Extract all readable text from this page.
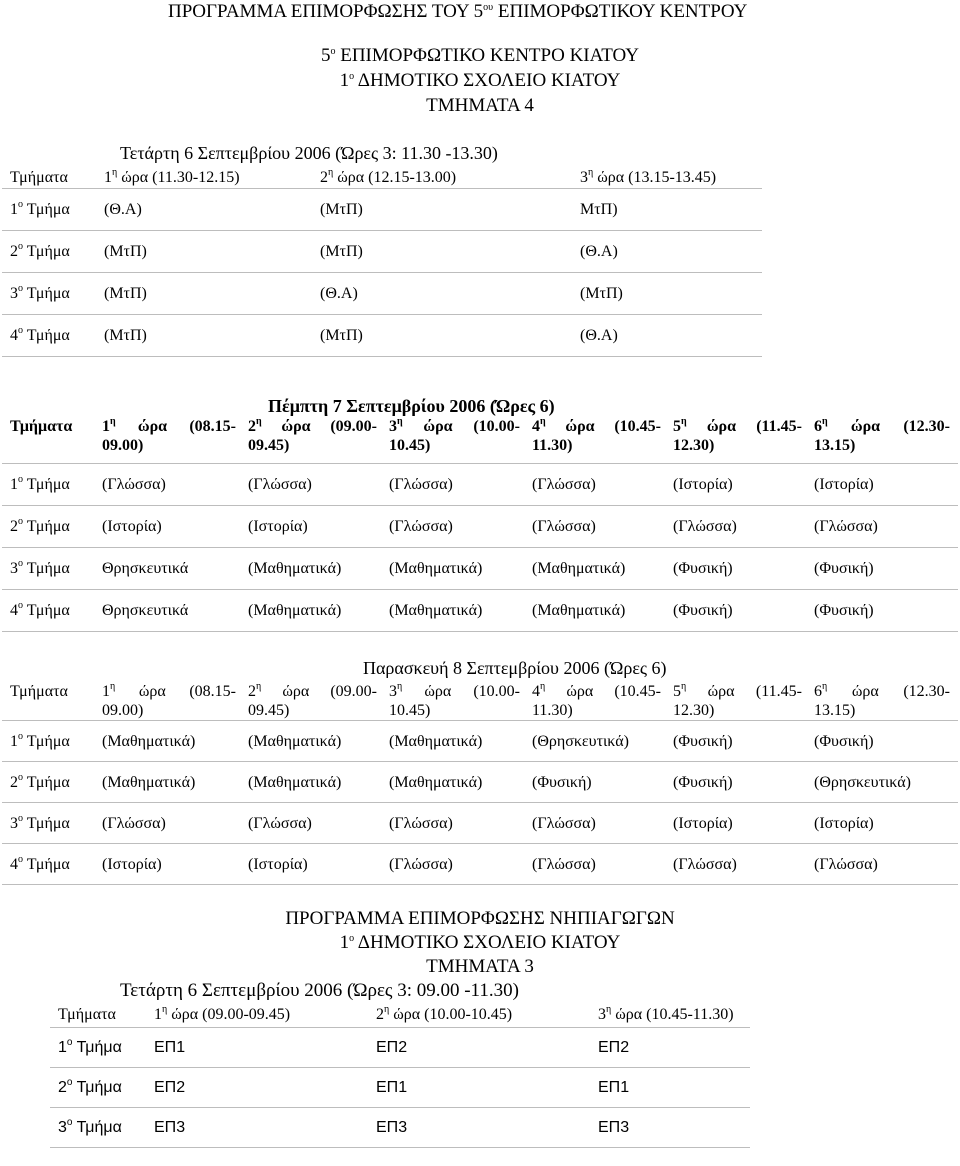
ΠΡΟΓΡΑΜΜΑ ΕΠΙΜΟΡΦΩΣΗΣ ΤΟΥ $5^{o\upsilon}$ ΕΠΙΜΟΡΦΩΤΙΚΟΥ ΚΕΝΤΡΟΥ
$5^o$ ΕΠΙΜΟΡΦΩΤΙΚΟ ΚΕΝΤΡΟ ΚΙΑΤΟΥ
$1^o$ ΔΗΜΟΤΙΚΟ ΣΧΟΛΕΙΟ ΚΙΑΤΟΥ
ΤΜΗΜΑΤΑ 4
Τετάρτη 6 Σεπτεμβρίου 2006 (Ώρες 3: 11.30 -13.30)
Τμήματα	$1^\eta$ ώρα (11.30-12.15)	$2^\eta$ ώρα (12.15-13.00)	$3^\eta$ ώρα (13.15-13.45)
$1^o$ Τμήμα	(Θ.Α)	(ΜτΠ)	ΜτΠ)
$2^o$ Τμήμα	(ΜτΠ)	(ΜτΠ)	(Θ.Α)
$3^o$ Τμήμα	(ΜτΠ)	(Θ.Α)	(ΜτΠ)
$4^o$ Τμήμα	(ΜτΠ)	(ΜτΠ)	(Θ.Α)
Πέμπτη 7 Σεπτεμβρίου 2006 (Ώρες 6)
Τμήματα	$1^\eta$ ώρα (08.15-09.00)	$2^\eta$ ώρα (09.00-09.45)	$3^\eta$ ώρα (10.00-10.45)	$4^\eta$ ώρα (10.45-11.30)	$5^\eta$ ώρα (11.45-12.30)	$6^\eta$ ώρα (12.30-13.15)
$1^o$ Τμήμα	(Γλώσσα)	(Γλώσσα)	(Γλώσσα)	(Γλώσσα)	(Ιστορία)	(Ιστορία)
$2^o$ Τμήμα	(Ιστορία)	(Ιστορία)	(Γλώσσα)	(Γλώσσα)	(Γλώσσα)	(Γλώσσα)
$3^o$ Τμήμα	Θρησκευτικά	(Μαθηματικά)	(Μαθηματικά)	(Μαθηματικά)	(Φυσική)	(Φυσική)
$4^o$ Τμήμα	Θρησκευτικά	(Μαθηματικά)	(Μαθηματικά)	(Μαθηματικά)	(Φυσική)	(Φυσική)
Παρασκευή 8 Σεπτεμβρίου 2006 (Ώρες 6)
Τμήματα	$1^\eta$ ώρα (08.15-09.00)	$2^\eta$ ώρα (09.00-09.45)	$3^\eta$ ώρα (10.00-10.45)	$4^\eta$ ώρα (10.45-11.30)	$5^\eta$ ώρα (11.45-12.30)	$6^\eta$ ώρα (12.30-13.15)
$1^o$ Τμήμα	(Μαθηματικά)	(Μαθηματικά)	(Μαθηματικά)	(Θρησκευτικά)	(Φυσική)	(Φυσική)
$2^o$ Τμήμα	(Μαθηματικά)	(Μαθηματικά)	(Μαθηματικά)	(Φυσική)	(Φυσική)	(Θρησκευτικά)
$3^o$ Τμήμα	(Γλώσσα)	(Γλώσσα)	(Γλώσσα)	(Γλώσσα)	(Ιστορία)	(Ιστορία)
$4^o$ Τμήμα	(Ιστορία)	(Ιστορία)	(Γλώσσα)	(Γλώσσα)	(Γλώσσα)	(Γλώσσα)
ΠΡΟΓΡΑΜΜΑ ΕΠΙΜΟΡΦΩΣΗΣ ΝΗΠΙΑΓΩΓΩΝ
$1^o$ ΔΗΜΟΤΙΚΟ ΣΧΟΛΕΙΟ ΚΙΑΤΟΥ
ΤΜΗΜΑΤΑ 3
Τετάρτη 6 Σεπτεμβρίου 2006 (Ώρες 3: 09.00 -11.30)
Τμήματα	$1^\eta$ ώρα (09.00-09.45)	$2^\eta$ ώρα (10.00-10.45)	$3^\eta$ ώρα (10.45-11.30)
$1^o$ Τμήμα	ΕΠ1	ΕΠ2	ΕΠ2
$2^o$ Τμήμα	ΕΠ2	ΕΠ1	ΕΠ1
$3^o$ Τμήμα	ΕΠ3	ΕΠ3	ΕΠ3
